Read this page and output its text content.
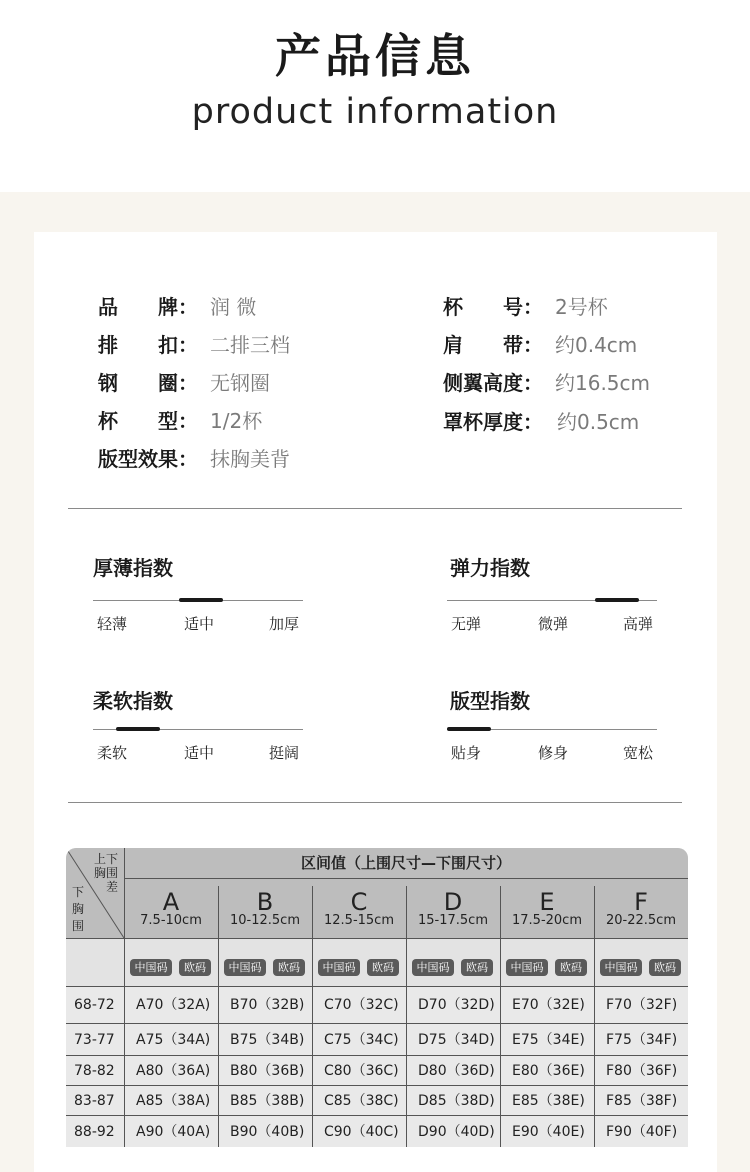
产品信息
product information
品　　牌： 润 微
排　　扣： 二排三档
钢　　圈： 无钢圈
杯　　型： 1/2杯
版型效果： 抹胸美背
杯　　号： 2号杯
肩　　带： 约0.4cm
侧翼高度： 约16.5cm
罩杯厚度： 约0.5cm
厚薄指数
轻薄	适中	加厚
弹力指数
无弹	微弹	高弹
柔软指数
柔软	适中	挺阔
版型指数
贴身	修身	宽松
上下
胸围
差
下
胸
围
区间值（上围尺寸—下围尺寸）
A
7.5-10cm
B
10-12.5cm
C
12.5-15cm
D
15-17.5cm
E
17.5-20cm
F
20-22.5cm
中国码	欧码	中国码	欧码	中国码	欧码	中国码	欧码	中国码	欧码	中国码	欧码
68-72 A70（32A) B70（32B) C70（32C) D70（32D) E70（32E) F70（32F)
73-77 A75（34A) B75（34B) C75（34C) D75（34D) E75（34E) F75（34F)
78-82 A80（36A) B80（36B) C80（36C) D80（36D) E80（36E) F80（36F)
83-87 A85（38A) B85（38B) C85（38C) D85（38D) E85（38E) F85（38F)
88-92 A90（40A) B90（40B) C90（40C) D90（40D) E90（40E) F90（40F)
